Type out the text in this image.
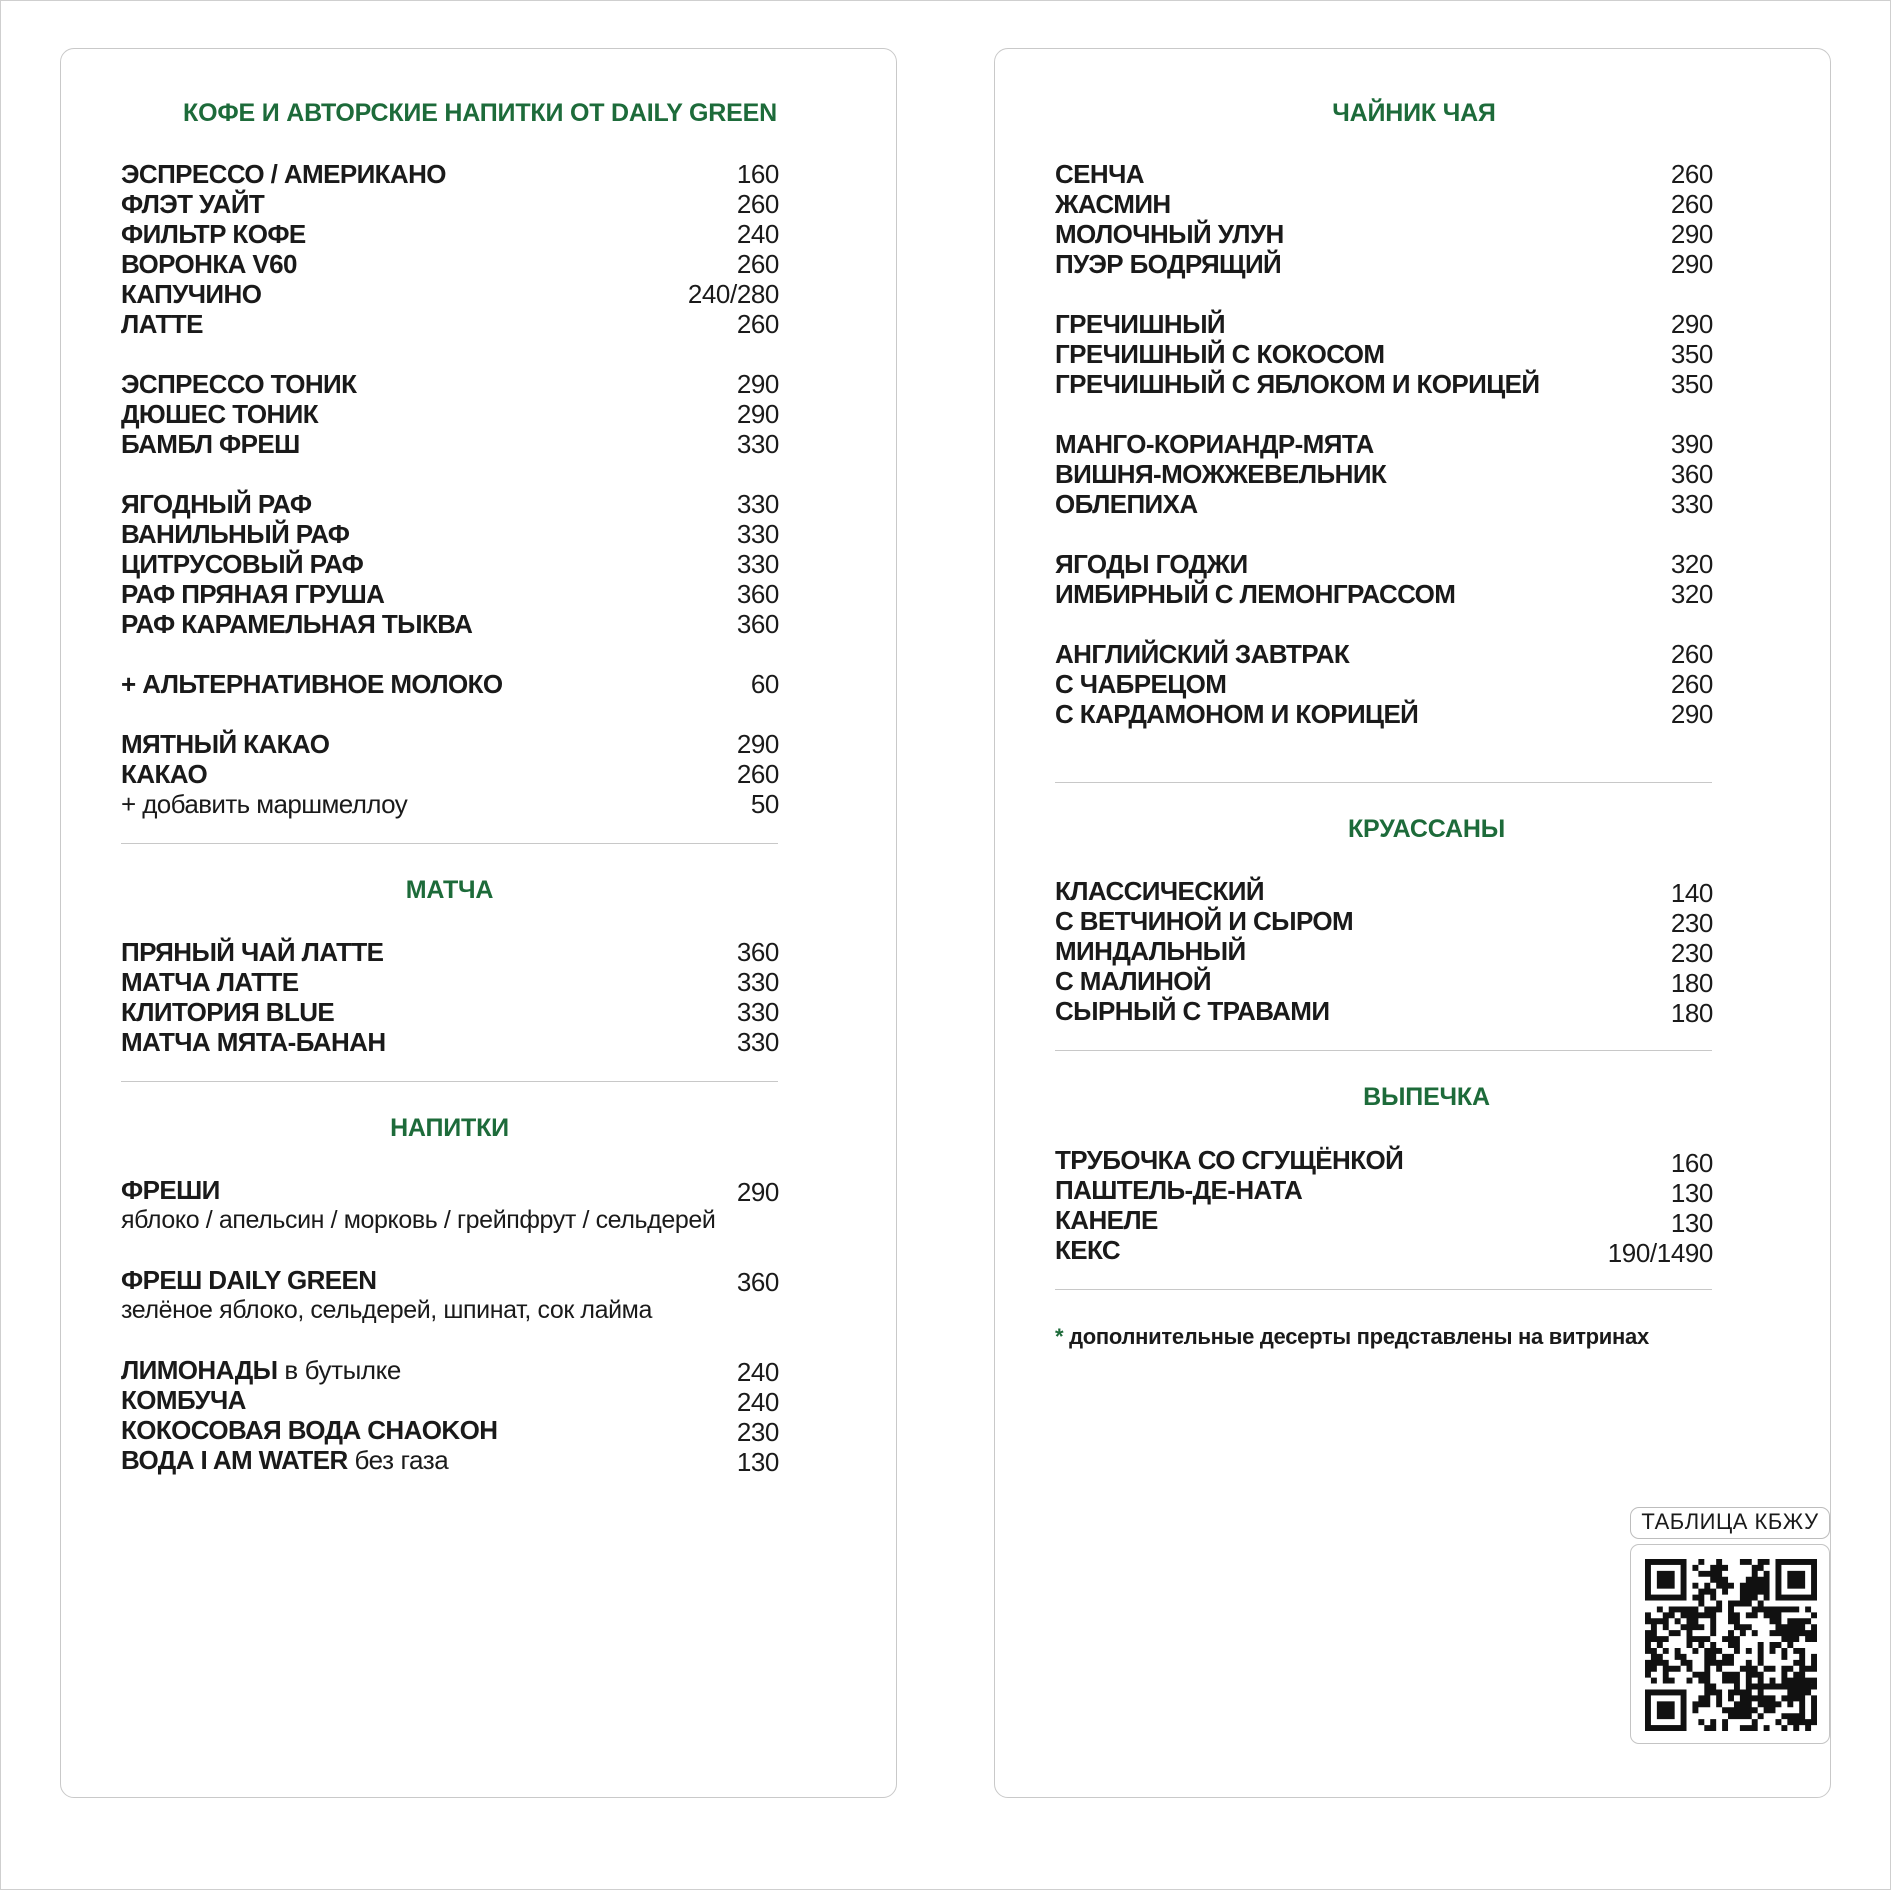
КОФЕ И АВТОРСКИЕ НАПИТКИ ОТ DAILY GREEN
ЭСПРЕССО / АМЕРИКАНО	160
ФЛЭТ УАЙТ	260
ФИЛЬТР КОФЕ	240
ВОРОНКА V60	260
КАПУЧИНО	240/280
ЛАТТЕ	260
ЭСПРЕССО ТОНИК	290
ДЮШЕС ТОНИК	290
БАМБЛ ФРЕШ	330
ЯГОДНЫЙ РАФ	330
ВАНИЛЬНЫЙ РАФ	330
ЦИТРУСОВЫЙ РАФ	330
РАФ ПРЯНАЯ ГРУША	360
РАФ КАРАМЕЛЬНАЯ ТЫКВА	360
+ АЛЬТЕРНАТИВНОЕ МОЛОКО	60
МЯТНЫЙ КАКАО	290
КАКАО	260
+ добавить маршмеллоу	50
МАТЧА
ПРЯНЫЙ ЧАЙ ЛАТТЕ	360
МАТЧА ЛАТТЕ	330
КЛИТОРИЯ BLUE	330
МАТЧА МЯТА-БАНАН	330
НАПИТКИ
ФРЕШИ	290
яблоко / апельсин / морковь / грейпфрут / сельдерей
ФРЕШ DAILY GREEN	360
зелёное яблоко, сельдерей, шпинат, сок лайма
ЛИМОНАДЫ в бутылке	240
КОМБУЧА	240
КОКОСОВАЯ ВОДА CHAOKOH	230
ВОДА I AM WATER без газа	130
ЧАЙНИК ЧАЯ
СЕНЧА	260
ЖАСМИН	260
МОЛОЧНЫЙ УЛУН	290
ПУЭР БОДРЯЩИЙ	290
ГРЕЧИШНЫЙ	290
ГРЕЧИШНЫЙ С КОКОСОМ	350
ГРЕЧИШНЫЙ С ЯБЛОКОМ И КОРИЦЕЙ	350
МАНГО-КОРИАНДР-МЯТА	390
ВИШНЯ-МОЖЖЕВЕЛЬНИК	360
ОБЛЕПИХА	330
ЯГОДЫ ГОДЖИ	320
ИМБИРНЫЙ С ЛЕМОНГРАССОМ	320
АНГЛИЙСКИЙ ЗАВТРАК	260
С ЧАБРЕЦОМ	260
С КАРДАМОНОМ И КОРИЦЕЙ	290
КРУАССАНЫ
КЛАССИЧЕСКИЙ	140
С ВЕТЧИНОЙ И СЫРОМ	230
МИНДАЛЬНЫЙ	230
С МАЛИНОЙ	180
СЫРНЫЙ С ТРАВАМИ	180
ВЫПЕЧКА
ТРУБОЧКА СО СГУЩЁНКОЙ	160
ПАШТЕЛЬ-ДЕ-НАТА	130
КАНЕЛЕ	130
КЕКС	190/1490
* дополнительные десерты представлены на витринах
ТАБЛИЦА КБЖУ
